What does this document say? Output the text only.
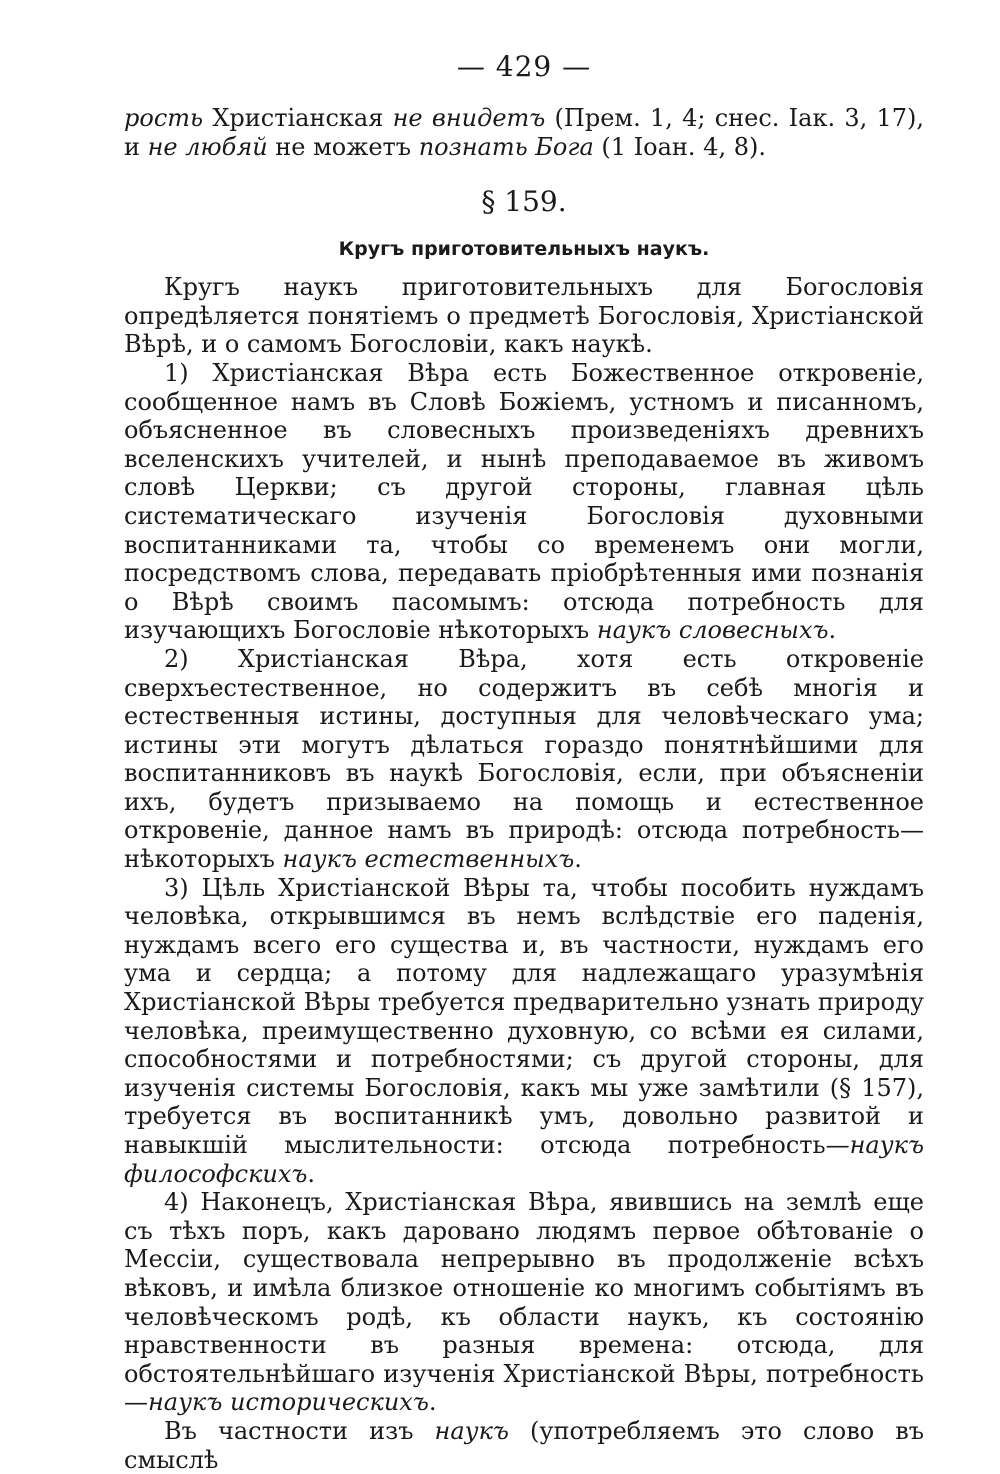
— 429 —

рость Христіанская не внидетъ (Прем. 1, 4; снес. Іак. 3, 17), и не любяй не можетъ познать Бога (1 Іоан. 4, 8).

§ 159.
Кругъ приготовительныхъ наукъ.

Кругъ наукъ приготовительныхъ для Богословія опредѣляется понятіемъ о предметѣ Богословія, Христіанской Вѣрѣ, и о самомъ Богословіи, какъ наукѣ.

1) Христіанская Вѣра есть Божественное откровеніе, сообщенное намъ въ Словѣ Божіемъ, устномъ и писанномъ, объясненное въ словесныхъ произведеніяхъ древнихъ вселенскихъ учителей, и нынѣ преподаваемое въ живомъ словѣ Церкви; съ другой стороны, главная цѣль систематическаго изученія Богословія духовными воспитанниками та, чтобы со временемъ они могли, посредствомъ слова, передавать пріобрѣтенныя ими познанія о Вѣрѣ своимъ пасомымъ: отсюда потребность для изучающихъ Богословіе нѣкоторыхъ наукъ словесныхъ.

2) Христіанская Вѣра, хотя есть откровеніе сверхъестественное, но содержитъ въ себѣ многія и естественныя истины, доступныя для человѣческаго ума; истины эти могутъ дѣлаться гораздо понятнѣйшими для воспитанниковъ въ наукѣ Богословія, если, при объясненіи ихъ, будетъ призываемо на помощь и естественное откровеніе, данное намъ въ природѣ: отсюда потребность—нѣкоторыхъ наукъ естественныхъ.

3) Цѣль Христіанской Вѣры та, чтобы пособить нуждамъ человѣка, открывшимся въ немъ вслѣдствіе его паденія, нуждамъ всего его существа и, въ частности, нуждамъ его ума и сердца; а потому для надлежащаго уразумѣнія Христіанской Вѣры требуется предварительно узнать природу человѣка, преимущественно духовную, со всѣми ея силами, способностями и потребностями; съ другой стороны, для изученія системы Богословія, какъ мы уже замѣтили (§ 157), требуется въ воспитанникѣ умъ, довольно развитой и навыкшій мыслительности: отсюда потребность—наукъ философскихъ.

4) Наконецъ, Христіанская Вѣра, явившись на землѣ еще съ тѣхъ поръ, какъ даровано людямъ первое обѣтованіе о Мессіи, существовала непрерывно въ продолженіе всѣхъ вѣковъ, и имѣла близкое отношеніе ко многимъ событіямъ въ человѣческомъ родѣ, къ области наукъ, къ состоянію нравственности въ разныя времена: отсюда, для обстоятельнѣйшаго изученія Христіанской Вѣры, потребность—наукъ историческихъ.

Въ частности изъ наукъ (употребляемъ это слово въ смыслѣ
